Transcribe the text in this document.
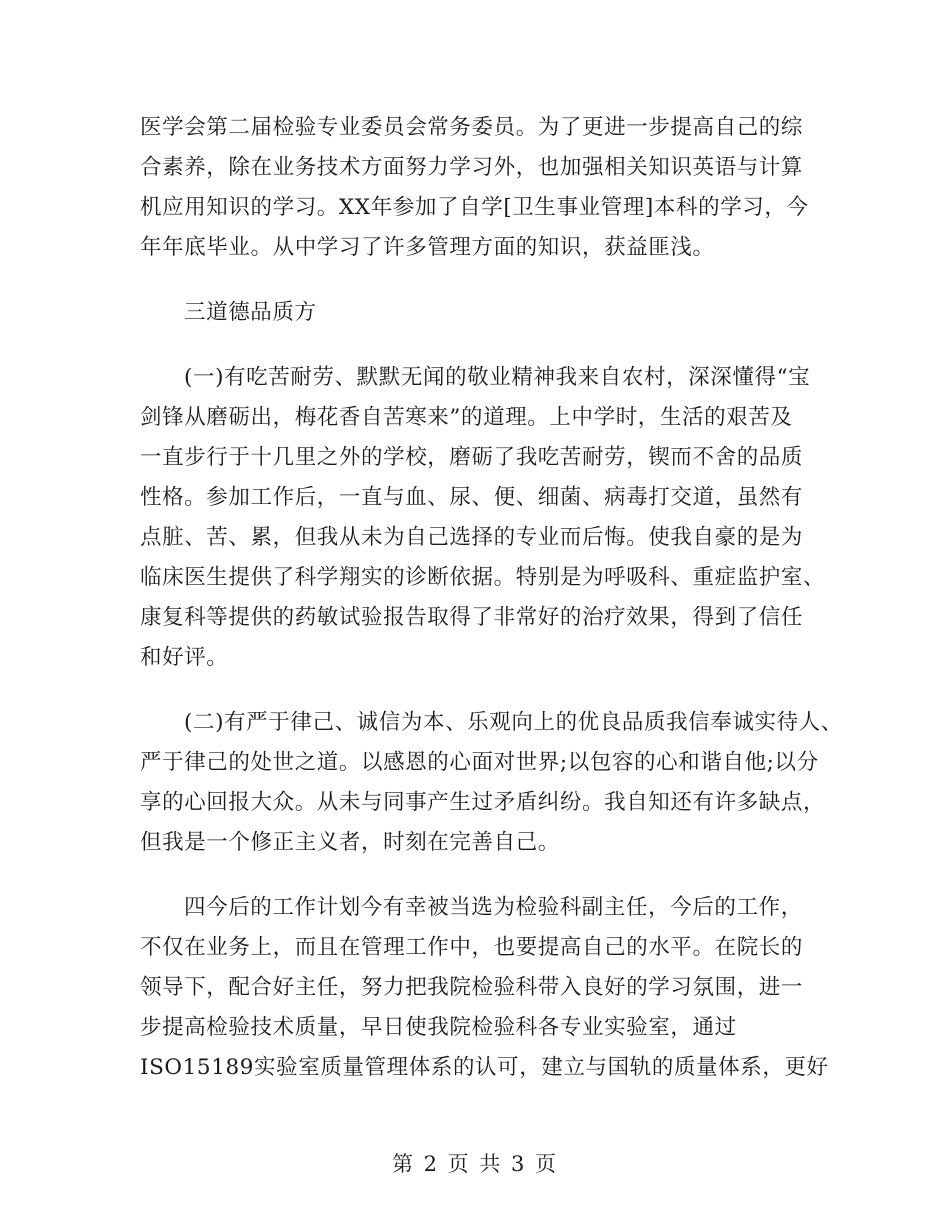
医学会第二届检验专业委员会常务委员。为了更进一步提高自己的综
合素养，除在业务技术方面努力学习外，也加强相关知识英语与计算
机应用知识的学习。XX年参加了自学[卫生事业管理]本科的学习，今
年年底毕业。从中学习了许多管理方面的知识，获益匪浅。
三道德品质方
(一)有吃苦耐劳、默默无闻的敬业精神我来自农村，深深懂得“宝
剑锋从磨砺出，梅花香自苦寒来”的道理。上中学时，生活的艰苦及
一直步行于十几里之外的学校，磨砺了我吃苦耐劳，锲而不舍的品质
性格。参加工作后，一直与血、尿、便、细菌、病毒打交道，虽然有
点脏、苦、累，但我从未为自己选择的专业而后悔。使我自豪的是为
临床医生提供了科学翔实的诊断依据。特别是为呼吸科、重症监护室、
康复科等提供的药敏试验报告取得了非常好的治疗效果，得到了信任
和好评。
(二)有严于律己、诚信为本、乐观向上的优良品质我信奉诚实待人、
严于律己的处世之道。以感恩的心面对世界;以包容的心和谐自他;以分
享的心回报大众。从未与同事产生过矛盾纠纷。我自知还有许多缺点，
但我是一个修正主义者，时刻在完善自己。
四今后的工作计划今有幸被当选为检验科副主任，今后的工作，
不仅在业务上，而且在管理工作中，也要提高自己的水平。在院长的
领导下，配合好主任，努力把我院检验科带入良好的学习氛围，进一
步提高检验技术质量，早日使我院检验科各专业实验室，通过
ISO15189实验室质量管理体系的认可，建立与国轨的质量体系，更好
第 2 页 共 3 页
